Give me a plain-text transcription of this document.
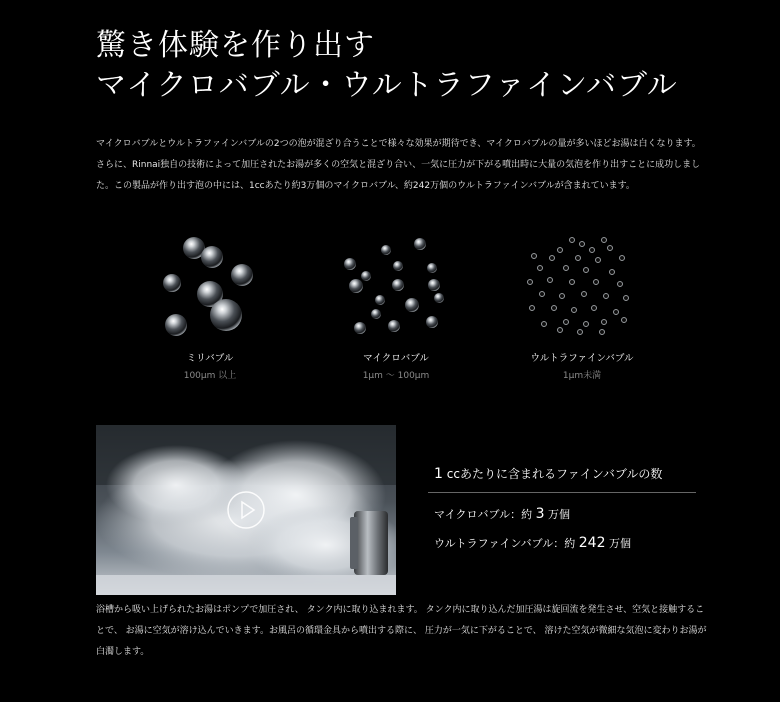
驚き体験を作り出す
マイクロバブル・ウルトラファインバブル

マイクロバブルとウルトラファインバブルの2つの泡が混ざり合うことで様々な効果が期待でき、マイクロバブルの量が多いほどお湯は白くなります。

さらに、Rinnai独自の技術によって加圧されたお湯が多くの空気と混ざり合い、一気に圧力が下がる噴出時に大量の気泡を作り出すことに成功しまし

た。この製品が作り出す泡の中には、1ccあたり約3万個のマイクロバブル、約242万個のウルトラファインバブルが含まれています。

ミリバブル
100μm 以上
マイクロバブル
1μm 〜 100μm
ウルトラファインバブル
1μm未満
1 ccあたりに含まれるファインバブルの数
マイクロバブル：約 3 万個
ウルトラファインバブル：約 242 万個

浴槽から吸い上げられたお湯はポンプで加圧され、 タンク内に取り込まれます。 タンク内に取り込んだ加圧湯は旋回流を発生させ、空気と接触するこ

とで、 お湯に空気が溶け込んでいきます。お風呂の循環金具から噴出する際に、 圧力が一気に下がることで、 溶けた空気が微細な気泡に変わりお湯が

白濁します。
